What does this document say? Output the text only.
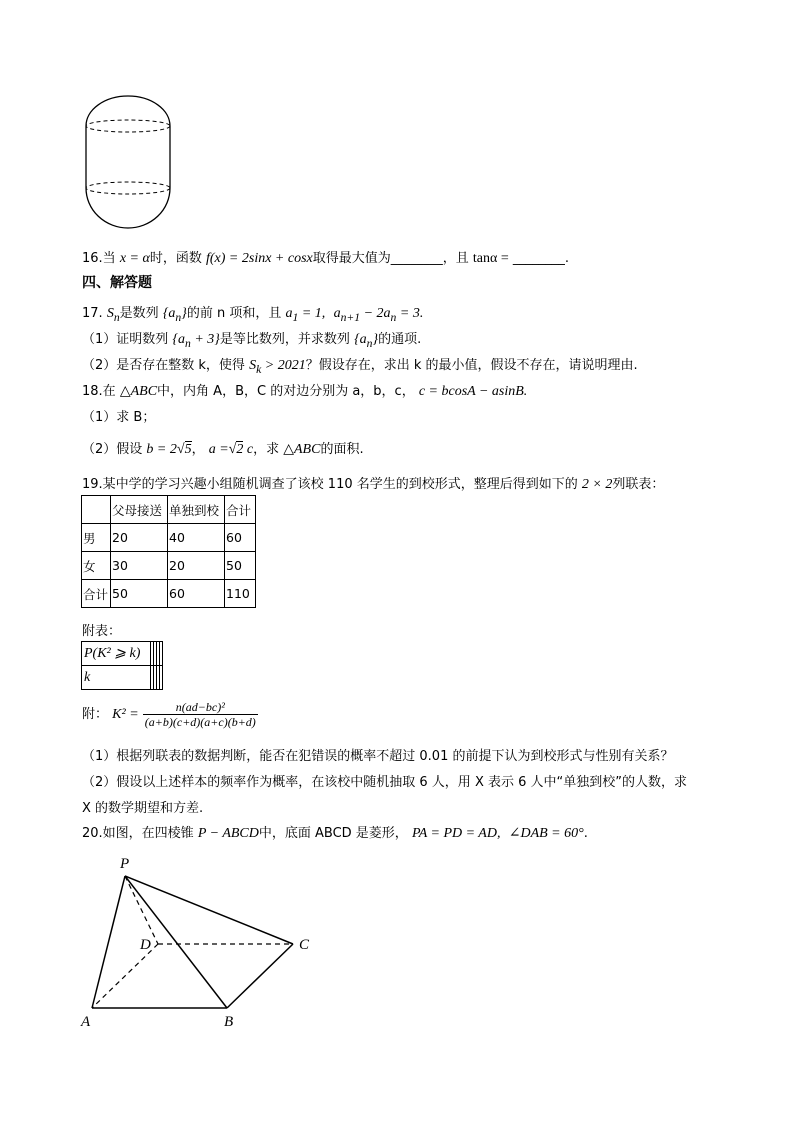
16.当 x = α时，函数 f(x) = 2sinx + cosx取得最大值为________，且 tanα = ________.
四、解答题
17. $S_n$是数列 $\{a_n\}$的前 n 项和，且 $a_1 = 1$, $a_{n+1} - 2a_n = 3$.
（1）证明数列 $\{a_n + 3\}$是等比数列，并求数列 $\{a_n\}$的通项.
（2）是否存在整数 k，使得 $S_k > 2021$？假设存在，求出 k 的最小值，假设不存在，请说明理由.
18.在 △ABC中，内角 A，B，C 的对边分别为 a，b，c， c = bcosA − asinB.
（1）求 B；
（2）假设 b = 2√5， a =√2 c，求 △ABC的面积.
19.某中学的学习兴趣小组随机调查了该校 110 名学生的到校形式，整理后得到如下的 2 × 2列联表：
	父母接送	单独到校	合计
男	20	40	60
女	30	20	50
合计	50	60	110
附表：
P(K² ⩾ k)				
k				
附： $K^2 = \frac{\text{n(ad−bc)²}}{(a+b)(c+d)(a+c)(b+d)}$
（1）根据列联表的数据判断，能否在犯错误的概率不超过 0.01 的前提下认为到校形式与性别有关系？
（2）假设以上述样本的频率作为概率，在该校中随机抽取 6 人，用 X 表示 6 人中“单独到校”的人数，求
X 的数学期望和方差.
20.如图，在四棱锥 P − ABCD中，底面 ABCD 是菱形， PA = PD = AD, ∠DAB = 60°.
P
D	C
A	B
